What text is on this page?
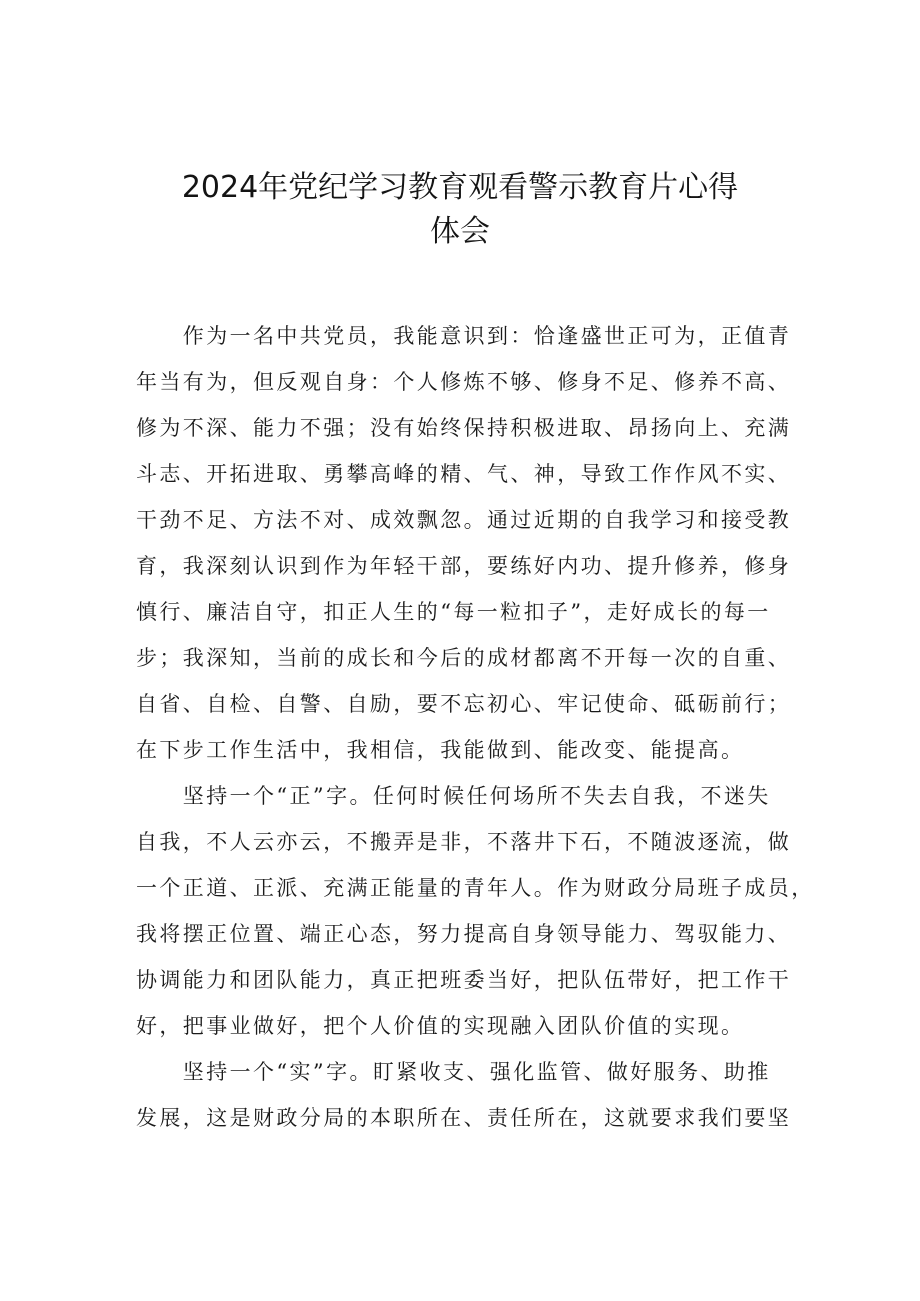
2024年党纪学习教育观看警示教育片心得
体会
　　作为一名中共党员，我能意识到：恰逢盛世正可为，正值青
年当有为，但反观自身：个人修炼不够、修身不足、修养不高、
修为不深、能力不强；没有始终保持积极进取、昂扬向上、充满
斗志、开拓进取、勇攀高峰的精、气、神，导致工作作风不实、
干劲不足、方法不对、成效飘忽。通过近期的自我学习和接受教
育，我深刻认识到作为年轻干部，要练好内功、提升修养，修身
慎行、廉洁自守，扣正人生的“每一粒扣子”，走好成长的每一
步；我深知，当前的成长和今后的成材都离不开每一次的自重、
自省、自检、自警、自励，要不忘初心、牢记使命、砥砺前行；
在下步工作生活中，我相信，我能做到、能改变、能提高。
　　坚持一个“正”字。任何时候任何场所不失去自我，不迷失
自我，不人云亦云，不搬弄是非，不落井下石，不随波逐流，做
一个正道、正派、充满正能量的青年人。作为财政分局班子成员，
我将摆正位置、端正心态，努力提高自身领导能力、驾驭能力、
协调能力和团队能力，真正把班委当好，把队伍带好，把工作干
好，把事业做好，把个人价值的实现融入团队价值的实现。
　　坚持一个“实”字。盯紧收支、强化监管、做好服务、助推
发展，这是财政分局的本职所在、责任所在，这就要求我们要坚
